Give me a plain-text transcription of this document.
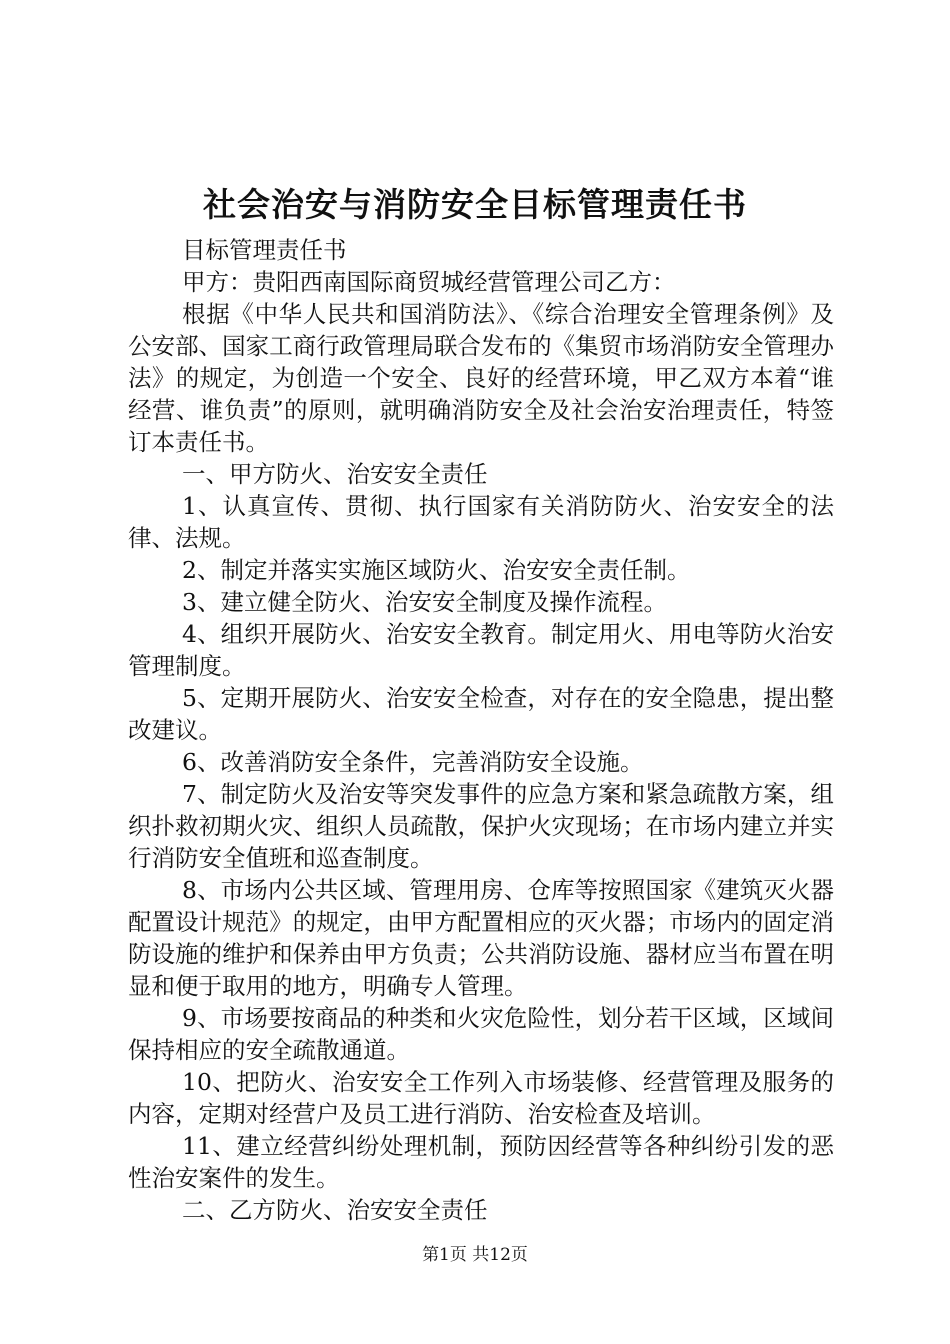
社会治安与消防安全目标管理责任书

目标管理责任书

甲方：贵阳西南国际商贸城经营管理公司乙方：

根据《中华人民共和国消防法》、《综合治理安全管理条例》及公安部、国家工商行政管理局联合发布的《集贸市场消防安全管理办法》的规定，为创造一个安全、良好的经营环境，甲乙双方本着“谁经营、谁负责”的原则，就明确消防安全及社会治安治理责任，特签订本责任书。

一、甲方防火、治安安全责任

1、认真宣传、贯彻、执行国家有关消防防火、治安安全的法律、法规。

2、制定并落实实施区域防火、治安安全责任制。

3、建立健全防火、治安安全制度及操作流程。

4、组织开展防火、治安安全教育。制定用火、用电等防火治安管理制度。

5、定期开展防火、治安安全检查，对存在的安全隐患，提出整改建议。

6、改善消防安全条件，完善消防安全设施。

7、制定防火及治安等突发事件的应急方案和紧急疏散方案，组织扑救初期火灾、组织人员疏散，保护火灾现场；在市场内建立并实行消防安全值班和巡查制度。

8、市场内公共区域、管理用房、仓库等按照国家《建筑灭火器配置设计规范》的规定，由甲方配置相应的灭火器；市场内的固定消防设施的维护和保养由甲方负责；公共消防设施、器材应当布置在明显和便于取用的地方，明确专人管理。

9、市场要按商品的种类和火灾危险性，划分若干区域，区域间保持相应的安全疏散通道。

10、把防火、治安安全工作列入市场装修、经营管理及服务的内容，定期对经营户及员工进行消防、治安检查及培训。

11、建立经营纠纷处理机制，预防因经营等各种纠纷引发的恶性治安案件的发生。

二、乙方防火、治安安全责任

第1页 共12页
